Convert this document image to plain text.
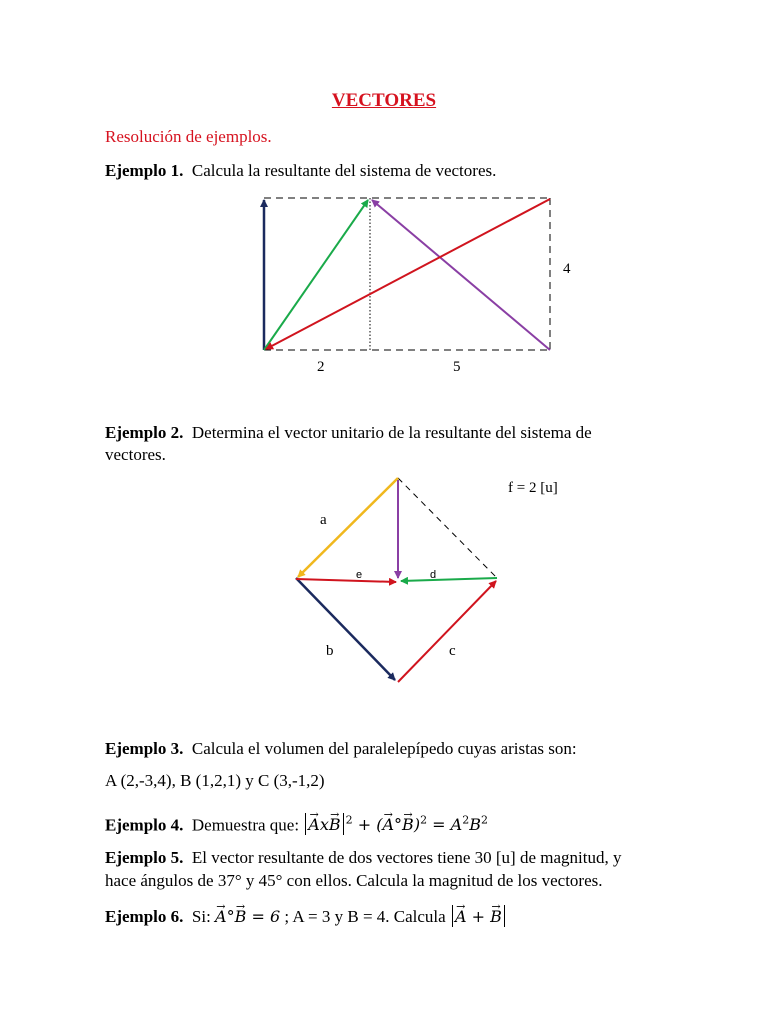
VECTORES
Resolución de ejemplos.
Ejemplo 1. Calcula la resultante del sistema de vectores.
2	5
4
a
b	c
d
e
f = 2 [u]
Ejemplo 2. Determina el vector unitario de la resultante del sistema de
vectores.
Ejemplo 3. Calcula el volumen del paralelepípedo cuyas aristas son:
A (2,-3,4), B (1,2,1) y C (3,-1,2)
Ejemplo 4. Demuestra que: → Ax→ B $^2$ + (→ $A^\circ\to B)^2 = A^2B^2$
Ejemplo 5. El vector resultante de dos vectores tiene 30 [u] de magnitud, y
hace ángulos de 37° y 45° con ellos. Calcula la magnitud de los vectores.
Ejemplo 6. Si: → A°→ B = 6 ; A = 3 y B = 4. Calcula → A + → B
